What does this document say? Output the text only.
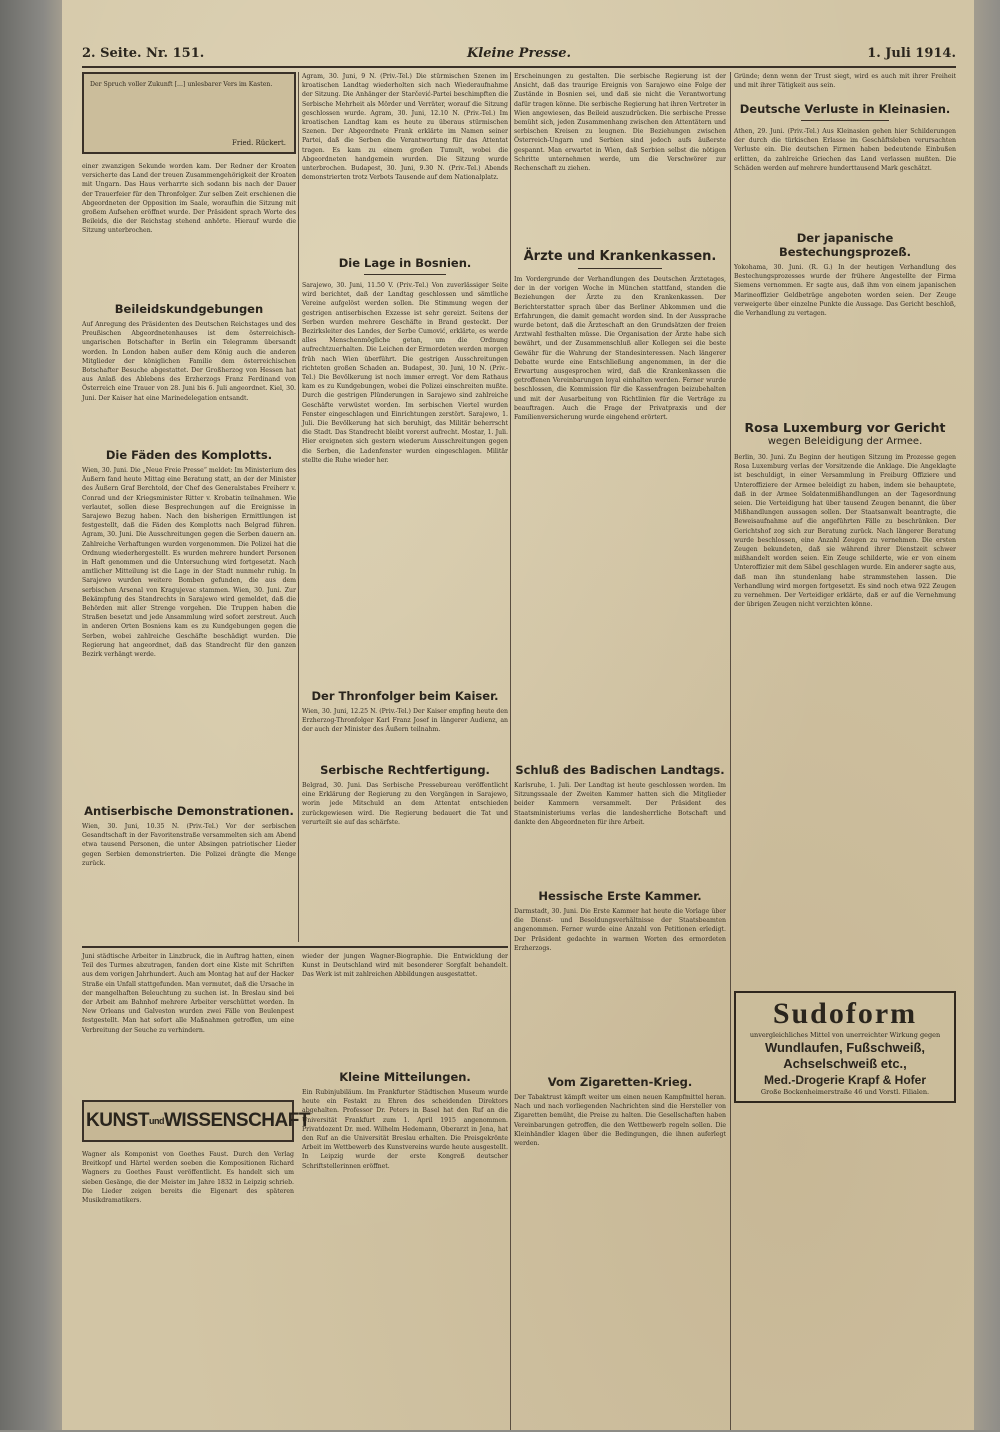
2. Seite. Nr. 151.	Kleine Presse.	1. Juli 1914.
Der Spruch voller Zukunft [...] unlesbarer Vers im Kasten.
Fried. Rückert.
einer zwanzigen Sekunde worden kam. Der Redner der Kroaten versicherte das Land der treuen Zusammengehörigkeit der Kroaten mit Ungarn. Das Haus verharrte sich sodann bis nach der Dauer der Trauerfeier für den Thronfolger. Zur selben Zeit erschienen die Abgeordneten der Opposition im Saale, woraufhin die Sitzung mit großem Aufsehen eröffnet wurde. Der Präsident sprach Worte des Beileids, die der Reichstag stehend anhörte. Hierauf wurde die Sitzung unterbrochen.
Beileidskundgebungen
Auf Anregung des Präsidenten des Deutschen Reichstages und des Preußischen Abgeordnetenhauses ist dem österreichisch-ungarischen Botschafter in Berlin ein Telegramm übersandt worden. In London haben außer dem König auch die anderen Mitglieder der königlichen Familie dem österreichischen Botschafter Besuche abgestattet. Der Großherzog von Hessen hat aus Anlaß des Ablebens des Erzherzogs Franz Ferdinand von Österreich eine Trauer von 28. Juni bis 6. Juli angeordnet. Kiel, 30. Juni. Der Kaiser hat eine Marinedelegation entsandt.
Die Fäden des Komplotts.
Wien, 30. Juni. Die „Neue Freie Presse“ meldet: Im Ministerium des Äußern fand heute Mittag eine Beratung statt, an der der Minister des Äußern Graf Berchtold, der Chef des Generalstabes Freiherr v. Conrad und der Kriegsminister Ritter v. Krobatin teilnahmen. Wie verlautet, sollen diese Besprechungen auf die Ereignisse in Sarajewo Bezug haben. Nach den bisherigen Ermittlungen ist festgestellt, daß die Fäden des Komplotts nach Belgrad führen. Agram, 30. Juni. Die Ausschreitungen gegen die Serben dauern an. Zahlreiche Verhaftungen wurden vorgenommen. Die Polizei hat die Ordnung wiederhergestellt. Es wurden mehrere hundert Personen in Haft genommen und die Untersuchung wird fortgesetzt. Nach amtlicher Mitteilung ist die Lage in der Stadt nunmehr ruhig. In Sarajewo wurden weitere Bomben gefunden, die aus dem serbischen Arsenal von Kragujevac stammen. Wien, 30. Juni. Zur Bekämpfung des Standrechts in Sarajewo wird gemeldet, daß die Behörden mit aller Strenge vorgehen. Die Truppen haben die Straßen besetzt und jede Ansammlung wird sofort zerstreut. Auch in anderen Orten Bosniens kam es zu Kundgebungen gegen die Serben, wobei zahlreiche Geschäfte beschädigt wurden. Die Regierung hat angeordnet, daß das Standrecht für den ganzen Bezirk verhängt werde.
Antiserbische Demonstrationen.
Wien, 30. Juni, 10.35 N. (Priv.-Tel.) Vor der serbischen Gesandtschaft in der Favoritenstraße versammelten sich am Abend etwa tausend Personen, die unter Absingen patriotischer Lieder gegen Serbien demonstrierten. Die Polizei drängte die Menge zurück.
Agram, 30. Juni, 9 N. (Priv.-Tel.) Die stürmischen Szenen im kroatischen Landtag wiederholten sich nach Wiederaufnahme der Sitzung. Die Anhänger der Starčević-Partei beschimpften die Serbische Mehrheit als Mörder und Verräter, worauf die Sitzung geschlossen wurde. Agram, 30. Juni, 12.10 N. (Priv.-Tel.) Im kroatischen Landtag kam es heute zu überaus stürmischen Szenen. Der Abgeordnete Frank erklärte im Namen seiner Partei, daß die Serben die Verantwortung für das Attentat tragen. Es kam zu einem großen Tumult, wobei die Abgeordneten handgemein wurden. Die Sitzung wurde unterbrochen. Budapest, 30. Juni, 9.30 N. (Priv.-Tel.) Abends demonstrierten trotz Verbots Tausende auf dem Nationalplatz.
Die Lage in Bosnien.
Sarajewo, 30. Juni, 11.50 V. (Priv.-Tel.) Von zuverlässiger Seite wird berichtet, daß der Landtag geschlossen und sämtliche Vereine aufgelöst werden sollen. Die Stimmung wegen der gestrigen antiserbischen Exzesse ist sehr gereizt. Seitens der Serben wurden mehrere Geschäfte in Brand gesteckt. Der Bezirksleiter des Landes, der Serbe Cumović, erklärte, es werde alles Menschenmögliche getan, um die Ordnung aufrechtzuerhalten. Die Leichen der Ermordeten werden morgen früh nach Wien überführt. Die gestrigen Ausschreitungen richteten großen Schaden an. Budapest, 30. Juni, 10 N. (Priv.-Tel.) Die Bevölkerung ist noch immer erregt. Vor dem Rathaus kam es zu Kundgebungen, wobei die Polizei einschreiten mußte. Durch die gestrigen Plünderungen in Sarajewo sind zahlreiche Geschäfte verwüstet worden. Im serbischen Viertel wurden Fenster eingeschlagen und Einrichtungen zerstört. Sarajewo, 1. Juli. Die Bevölkerung hat sich beruhigt, das Militär beherrscht die Stadt. Das Standrecht bleibt vorerst aufrecht. Mostar, 1. Juli. Hier ereigneten sich gestern wiederum Ausschreitungen gegen die Serben, die Ladenfenster wurden eingeschlagen. Militär stellte die Ruhe wieder her.
Der Thronfolger beim Kaiser.
Wien, 30. Juni, 12.25 N. (Priv.-Tel.) Der Kaiser empfing heute den Erzherzog-Thronfolger Karl Franz Josef in längerer Audienz, an der auch der Minister des Äußern teilnahm.
Serbische Rechtfertigung.
Belgrad, 30. Juni. Das Serbische Pressebureau veröffentlicht eine Erklärung der Regierung zu den Vorgängen in Sarajewo, worin jede Mitschuld an dem Attentat entschieden zurückgewiesen wird. Die Regierung bedauert die Tat und verurteilt sie auf das schärfste.
Juni städtische Arbeiter in Linzbruck, die in Auftrag hatten, einen Teil des Turmes abzutragen, fanden dort eine Kiste mit Schriften aus dem vorigen Jahrhundert. Auch am Montag hat auf der Hacker Straße ein Unfall stattgefunden. Man vermutet, daß die Ursache in der mangelhaften Beleuchtung zu suchen ist. In Breslau sind bei der Arbeit am Bahnhof mehrere Arbeiter verschüttet worden. In New Orleans und Galveston wurden zwei Fälle von Beulenpest festgestellt. Man hat sofort alle Maßnahmen getroffen, um eine Verbreitung der Seuche zu verhindern.
KUNSTundWISSENSCHAFT
Wagner als Komponist von Goethes Faust. Durch den Verlag Breitkopf und Härtel werden soeben die Kompositionen Richard Wagners zu Goethes Faust veröffentlicht. Es handelt sich um sieben Gesänge, die der Meister im Jahre 1832 in Leipzig schrieb. Die Lieder zeigen bereits die Eigenart des späteren Musikdramatikers.
wieder der jungen Wagner-Biographie. Die Entwicklung der Kunst in Deutschland wird mit besonderer Sorgfalt behandelt. Das Werk ist mit zahlreichen Abbildungen ausgestattet.
Kleine Mitteilungen.
Ein Rubinjubiläum. Im Frankfurter Städtischen Museum wurde heute ein Festakt zu Ehren des scheidenden Direktors abgehalten. Professor Dr. Peters in Basel hat den Ruf an die Universität Frankfurt zum 1. April 1915 angenommen. Privatdozent Dr. med. Wilhelm Hedemann, Oberarzt in Jena, hat den Ruf an die Universität Breslau erhalten. Die Preisgekrönte Arbeit im Wettbewerb des Kunstvereins wurde heute ausgestellt. In Leipzig wurde der erste Kongreß deutscher Schriftstellerinnen eröffnet.
Erscheinungen zu gestalten. Die serbische Regierung ist der Ansicht, daß das traurige Ereignis von Sarajewo eine Folge der Zustände in Bosnien sei, und daß sie nicht die Verantwortung dafür tragen könne. Die serbische Regierung hat ihren Vertreter in Wien angewiesen, das Beileid auszudrücken. Die serbische Presse bemüht sich, jeden Zusammenhang zwischen den Attentätern und serbischen Kreisen zu leugnen. Die Beziehungen zwischen Österreich-Ungarn und Serbien sind jedoch aufs äußerste gespannt. Man erwartet in Wien, daß Serbien selbst die nötigen Schritte unternehmen werde, um die Verschwörer zur Rechenschaft zu ziehen.
Ärzte und Krankenkassen.
Im Vordergrunde der Verhandlungen des Deutschen Ärztetages, der in der vorigen Woche in München stattfand, standen die Beziehungen der Ärzte zu den Krankenkassen. Der Berichterstatter sprach über das Berliner Abkommen und die Erfahrungen, die damit gemacht worden sind. In der Aussprache wurde betont, daß die Ärzteschaft an den Grundsätzen der freien Arztwahl festhalten müsse. Die Organisation der Ärzte habe sich bewährt, und der Zusammenschluß aller Kollegen sei die beste Gewähr für die Wahrung der Standesinteressen. Nach längerer Debatte wurde eine Entschließung angenommen, in der die Erwartung ausgesprochen wird, daß die Krankenkassen die getroffenen Vereinbarungen loyal einhalten werden. Ferner wurde beschlossen, die Kommission für die Kassenfragen beizubehalten und mit der Ausarbeitung von Richtlinien für die Verträge zu beauftragen. Auch die Frage der Privatpraxis und der Familienversicherung wurde eingehend erörtert.
Schluß des Badischen Landtags.
Karlsruhe, 1. Juli. Der Landtag ist heute geschlossen worden. Im Sitzungssaale der Zweiten Kammer hatten sich die Mitglieder beider Kammern versammelt. Der Präsident des Staatsministeriums verlas die landesherrliche Botschaft und dankte den Abgeordneten für ihre Arbeit.
Hessische Erste Kammer.
Darmstadt, 30. Juni. Die Erste Kammer hat heute die Vorlage über die Dienst- und Besoldungsverhältnisse der Staatsbeamten angenommen. Ferner wurde eine Anzahl von Petitionen erledigt. Der Präsident gedachte in warmen Worten des ermordeten Erzherzogs.
Vom Zigaretten-Krieg.
Der Tabaktrust kämpft weiter um einen neuen Kampfmittel heran. Nach und nach vorliegenden Nachrichten sind die Hersteller von Zigaretten bemüht, die Preise zu halten. Die Gesellschaften haben Vereinbarungen getroffen, die den Wettbewerb regeln sollen. Die Kleinhändler klagen über die Bedingungen, die ihnen auferlegt werden.
Gründe; denn wenn der Trust siegt, wird es auch mit ihrer Freiheit und mit ihrer Tätigkeit aus sein.
Deutsche Verluste in Kleinasien.
Athen, 29. Juni. (Priv.-Tel.) Aus Kleinasien gehen hier Schilderungen der durch die türkischen Erlasse im Geschäftsleben verursachten Verluste ein. Die deutschen Firmen haben bedeutende Einbußen erlitten, da zahlreiche Griechen das Land verlassen mußten. Die Schäden werden auf mehrere hunderttausend Mark geschätzt.
Der japanische Bestechungsprozeß.
Yokohama, 30. Juni. (R. G.) In der heutigen Verhandlung des Bestechungsprozesses wurde der frühere Angestellte der Firma Siemens vernommen. Er sagte aus, daß ihm von einem japanischen Marineoffizier Geldbeträge angeboten worden seien. Der Zeuge verweigerte über einzelne Punkte die Aussage. Das Gericht beschloß, die Verhandlung zu vertagen.
Rosa Luxemburg vor Gericht
wegen Beleidigung der Armee.
Berlin, 30. Juni. Zu Beginn der heutigen Sitzung im Prozesse gegen Rosa Luxemburg verlas der Vorsitzende die Anklage. Die Angeklagte ist beschuldigt, in einer Versammlung in Freiburg Offiziere und Unteroffiziere der Armee beleidigt zu haben, indem sie behauptete, daß in der Armee Soldatenmißhandlungen an der Tagesordnung seien. Die Verteidigung hat über tausend Zeugen benannt, die über Mißhandlungen aussagen sollen. Der Staatsanwalt beantragte, die Beweisaufnahme auf die angeführten Fälle zu beschränken. Der Gerichtshof zog sich zur Beratung zurück. Nach längerer Beratung wurde beschlossen, eine Anzahl Zeugen zu vernehmen. Die ersten Zeugen bekundeten, daß sie während ihrer Dienstzeit schwer mißhandelt worden seien. Ein Zeuge schilderte, wie er von einem Unteroffizier mit dem Säbel geschlagen wurde. Ein anderer sagte aus, daß man ihn stundenlang habe strammstehen lassen. Die Verhandlung wird morgen fortgesetzt. Es sind noch etwa 922 Zeugen zu vernehmen. Der Verteidiger erklärte, daß er auf die Vernehmung der übrigen Zeugen nicht verzichten könne.
Sudoform
unvergleichliches Mittel von unerreichter Wirkung gegen
Wundlaufen, Fußschweiß, Achselschweiß etc.,
Med.-Drogerie Krapf & Hofer
Große Bockenheimerstraße 46 und Vorstl. Filialen.
